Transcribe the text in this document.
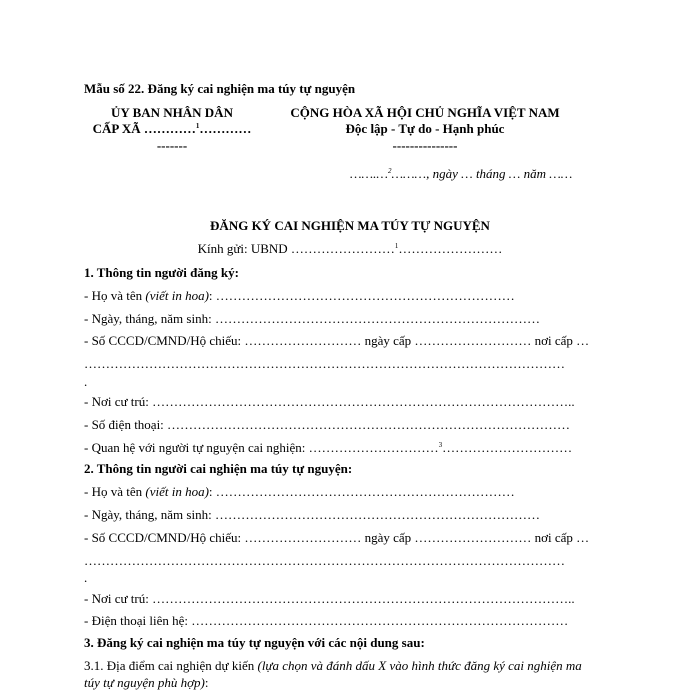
Mẫu số 22. Đăng ký cai nghiện ma túy tự nguyện
ỦY BAN NHÂN DÂN
CẤP XÃ …………$^1$…………
-------
CỘNG HÒA XÃ HỘI CHỦ NGHĨA VIỆT NAM
Độc lập - Tự do - Hạnh phúc
---------------
…….…$^2$………, ngày … tháng … năm ……
ĐĂNG KÝ CAI NGHIỆN MA TÚY TỰ NGUYỆN
Kính gửi: UBND ……………………$^1$……………………
1. Thông tin người đăng ký:
- Họ và tên (viết in hoa): ……………………………………………………………
- Ngày, tháng, năm sinh: …………………………………………………………………
- Số CCCD/CMND/Hộ chiếu: ……………………… ngày cấp ……………………… nơi cấp …
…………………………………………………………………………………………………
.
- Nơi cư trú: ……………………………………………………………………………………..
- Số điện thoại: …………………………………………………………………………………
- Quan hệ với người tự nguyện cai nghiện: …………………………$^3$…………………………
2. Thông tin người cai nghiện ma túy tự nguyện:
- Họ và tên (viết in hoa): ……………………………………………………………
- Ngày, tháng, năm sinh: …………………………………………………………………
- Số CCCD/CMND/Hộ chiếu: ……………………… ngày cấp ……………………… nơi cấp …
…………………………………………………………………………………………………
.
- Nơi cư trú: ……………………………………………………………………………………..
- Điện thoại liên hệ: ……………………………………………………………………………
3. Đăng ký cai nghiện ma túy tự nguyện với các nội dung sau:
3.1. Địa điểm cai nghiện dự kiến (lựa chọn và đánh dấu X vào hình thức đăng ký cai nghiện ma
túy tự nguyện phù hợp):
